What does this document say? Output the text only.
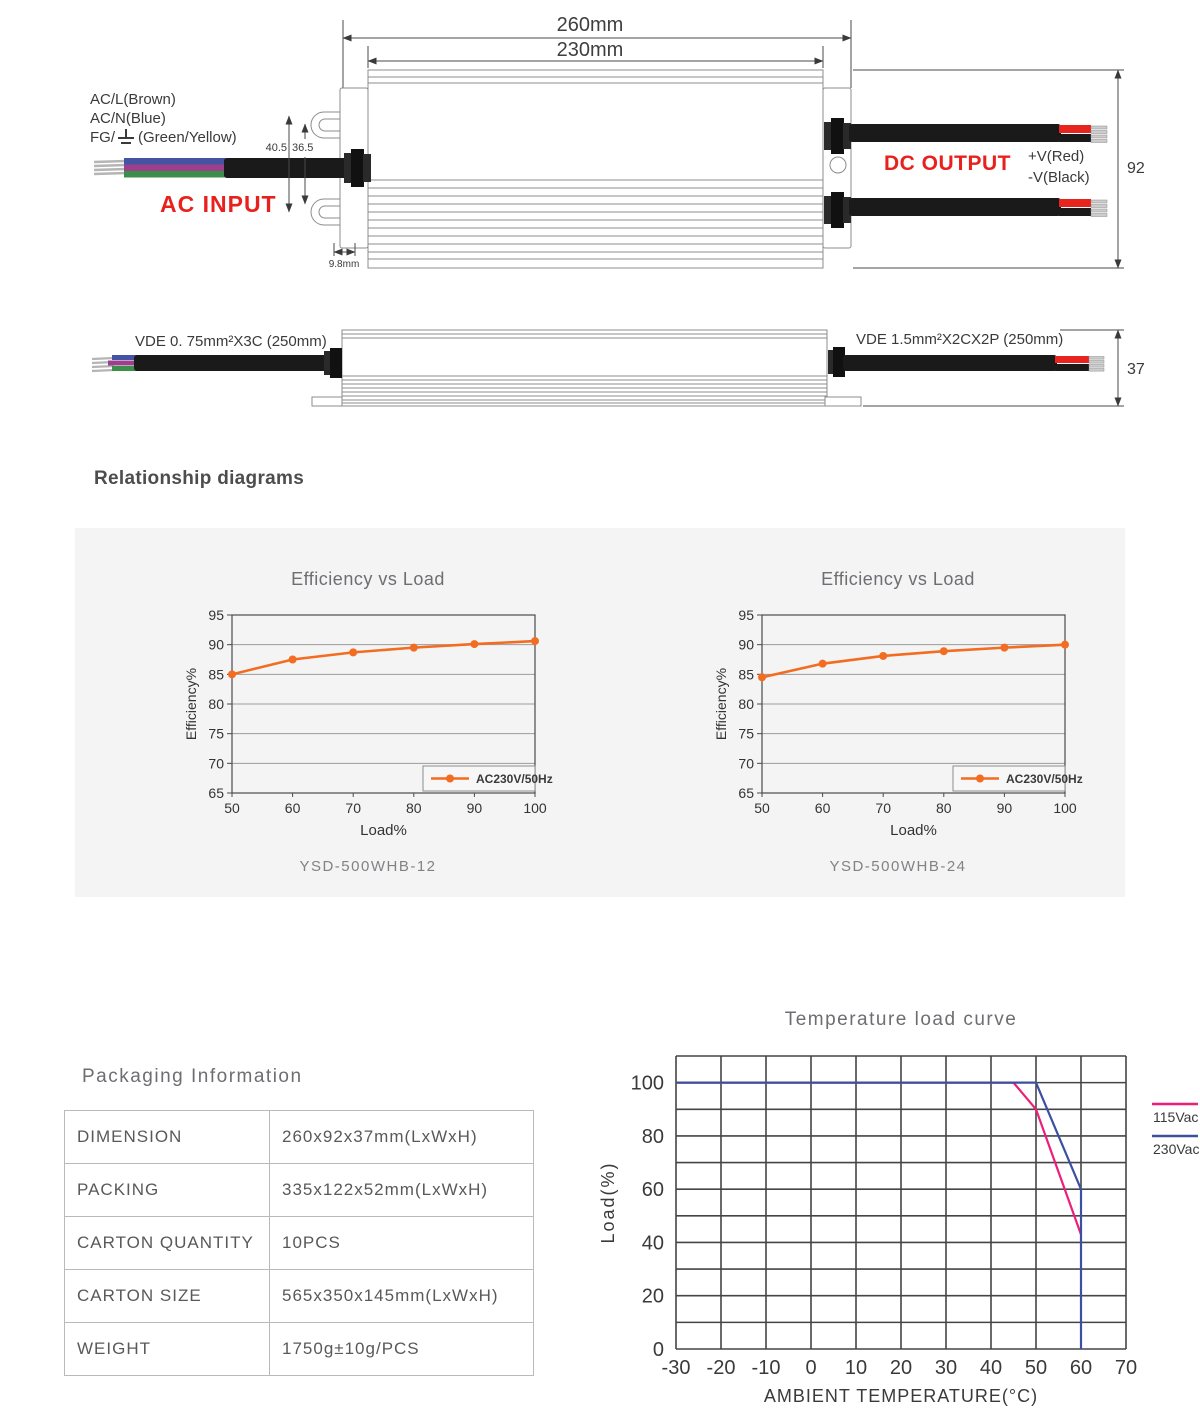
260mm
230mm
AC/L(Brown)
AC/N(Blue)
FG/ (Green/Yellow)
AC INPUT
40.5 36.5
9.8mm
DC OUTPUT +V(Red)
-V(Black)
92
VDE 0. 75mm²X3C (250mm)	VDE 1.5mm²X2CX2P (250mm)
37
Relationship diagrams
Efficiency vs Load
65
70
75
80
85
90
95
50	60	70	80	90	100
Efficiency%
Load%
AC230V/50Hz
YSD-500WHB-12
Efficiency vs Load
65
70
75
80
85
90
95
50	60	70	80	90	100
Efficiency%
Load%
AC230V/50Hz
YSD-500WHB-24
Packaging Information
DIMENSION	260x92x37mm(LxWxH)
PACKING	335x122x52mm(LxWxH)
CARTON QUANTITY	10PCS
CARTON SIZE	565x350x145mm(LxWxH)
WEIGHT	1750g±10g/PCS
Temperature load curve
0
20
40
60
80
100
-30 -20 -10 0 10 20 30 40 50 60 70
Load(%)
AMBIENT TEMPERATURE(°C)
115Vac
230Vac
